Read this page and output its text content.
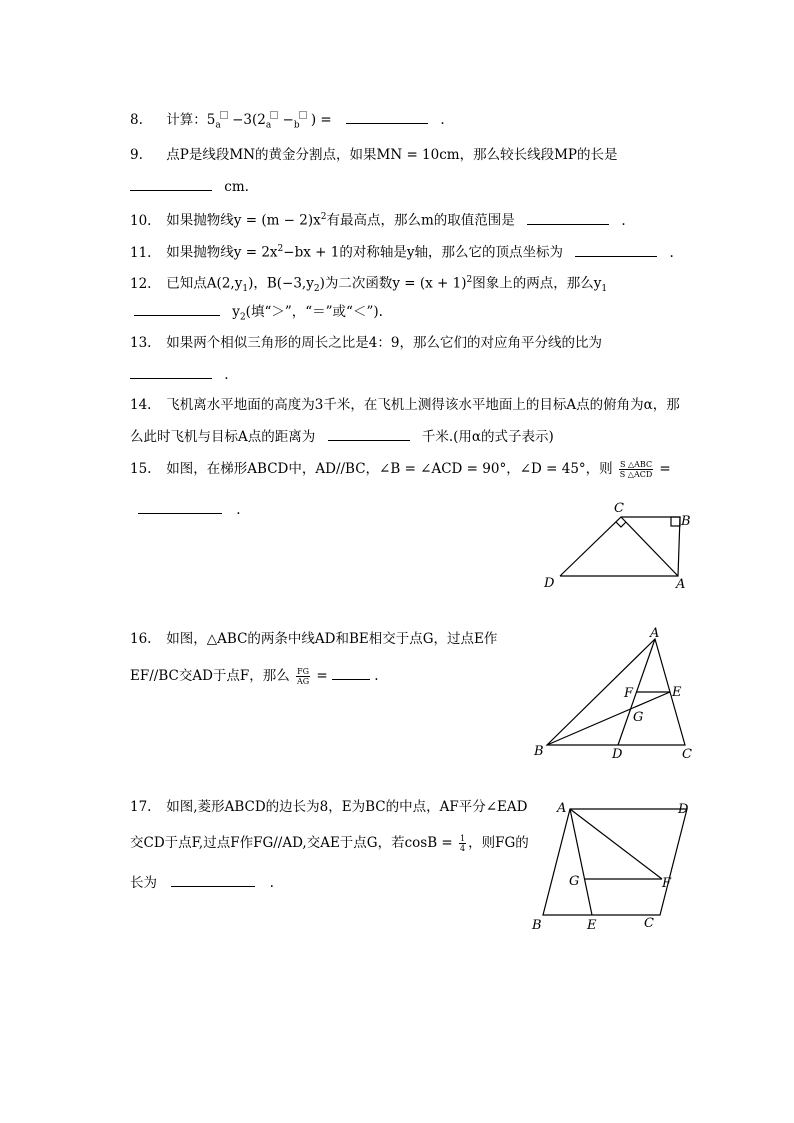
8. 计算：$5_a -3(2_a -_b$ ) =	.
9. 点P是线段MN的黄金分割点，如果MN = 10cm，那么较长线段MP的长是
cm.
10. 如果抛物线$y = (m - 2)x^2$有最高点，那么m的取值范围是	.
11. 如果抛物线$y = 2x^2-bx + 1$的对称轴是y轴，那么它的顶点坐标为	.
12. 已知点$A(2,y_1)$，$B(-3,y_2)$为二次函数$y = (x + 1)^2$图象上的两点，那么$y_1$
$y_2$(填“＞”，“＝”或“＜”).
13. 如果两个相似三角形的周长之比是4：9，那么它们的对应角平分线的比为
.
14. 飞机离水平地面的高度为3千米，在飞机上测得该水平地面上的目标A点的俯角为α，那
么此时飞机与目标A点的距离为	千米.(用α的式子表示)
15. 如图，在梯形ABCD中，AD//BC，∠B = ∠ACD = 90°，∠D = 45°，则 $\frac{\text{S △ABC}}{\text{S △ACD}}$ =
.	C
B
D	A
16. 如图，△ABC的两条中线AD和BE相交于点G，过点E作
EF//BC交AD于点F，那么 $\frac{FG}{AG}$ =	.
A
B	D	C
F	E
G
17. 如图,菱形ABCD的边长为8，E为BC的中点，AF平分∠EAD
交CD于点F,过点F作FG//AD,交AE于点G，若$\cos B = \frac{1}{4}$ ，则FG的
长为	.
A	D
G	F
B	E	C
